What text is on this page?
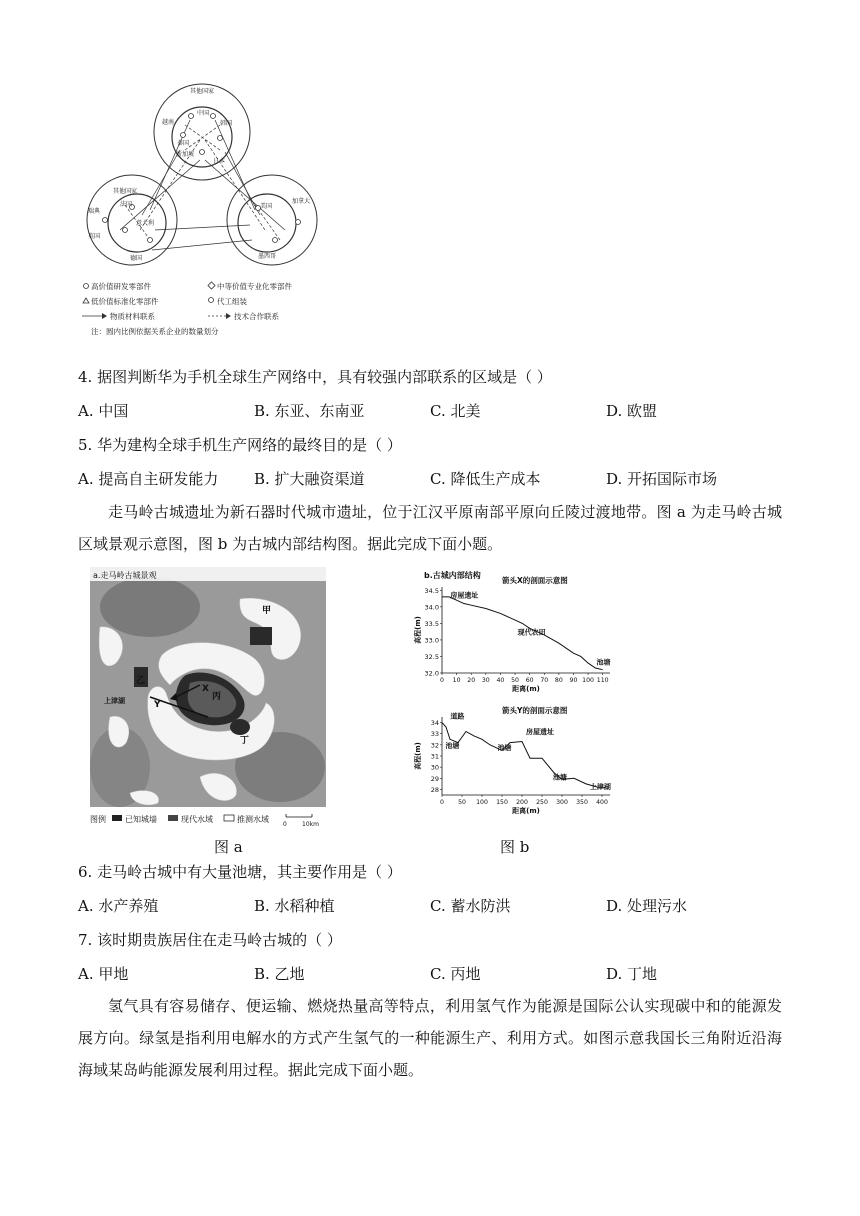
其他国家
中国
泰国
越南
新加坡
韩国
日本
其他国家
瑞典
法国
英国
意大利
德国
美国
加拿大
墨西哥
高价值研发零部件	中等价值专业化零部件
低价值标准化零部件	代工组装
物质材料联系	技术合作联系
注：圆内比例依据关系企业的数量划分
4. 据图判断华为手机全球生产网络中，具有较强内部联系的区域是（ ）
A. 中国	B. 东亚、东南亚	C. 北美	D. 欧盟
5. 华为建构全球手机生产网络的最终目的是（ ）
A. 提高自主研发能力 B. 扩大融资渠道	C. 降低生产成本	D. 开拓国际市场
走马岭古城遗址为新石器时代城市遗址，位于江汉平原南部平原向丘陵过渡地带。图 a 为走马岭古城区域景观示意图，图 b 为古城内部结构图。据此完成下面小题。
a.走马岭古城景观
甲
乙
丙
丁
X
Y
上津湖
图例 已知城墙	现代水域	推测水域
0	10km
图 a
b.古城内部结构
箭头X的剖面示意图
32.0
32.5
33.0
33.5
34.0
34.5
0 10 20 30 40 50 60 70 80 90 100 110
距离(m)
高程(m)
房屋遗址
现代农田
池塘
箭头Y的剖面示意图
28
29
30
31
32
33
34
0 50 100 150 200 250 300 350 400
距离(m)
高程(m)
道路
房屋遗址
池塘	池塘
池塘
上津湖
图 b
6. 走马岭古城中有大量池塘，其主要作用是（ ）
A. 水产养殖	B. 水稻种植	C. 蓄水防洪	D. 处理污水
7. 该时期贵族居住在走马岭古城的（ ）
A. 甲地	B. 乙地	C. 丙地	D. 丁地
氢气具有容易储存、便运输、燃烧热量高等特点，利用氢气作为能源是国际公认实现碳中和的能源发展方向。绿氢是指利用电解水的方式产生氢气的一种能源生产、利用方式。如图示意我国长三角附近沿海海域某岛屿能源发展利用过程。据此完成下面小题。
